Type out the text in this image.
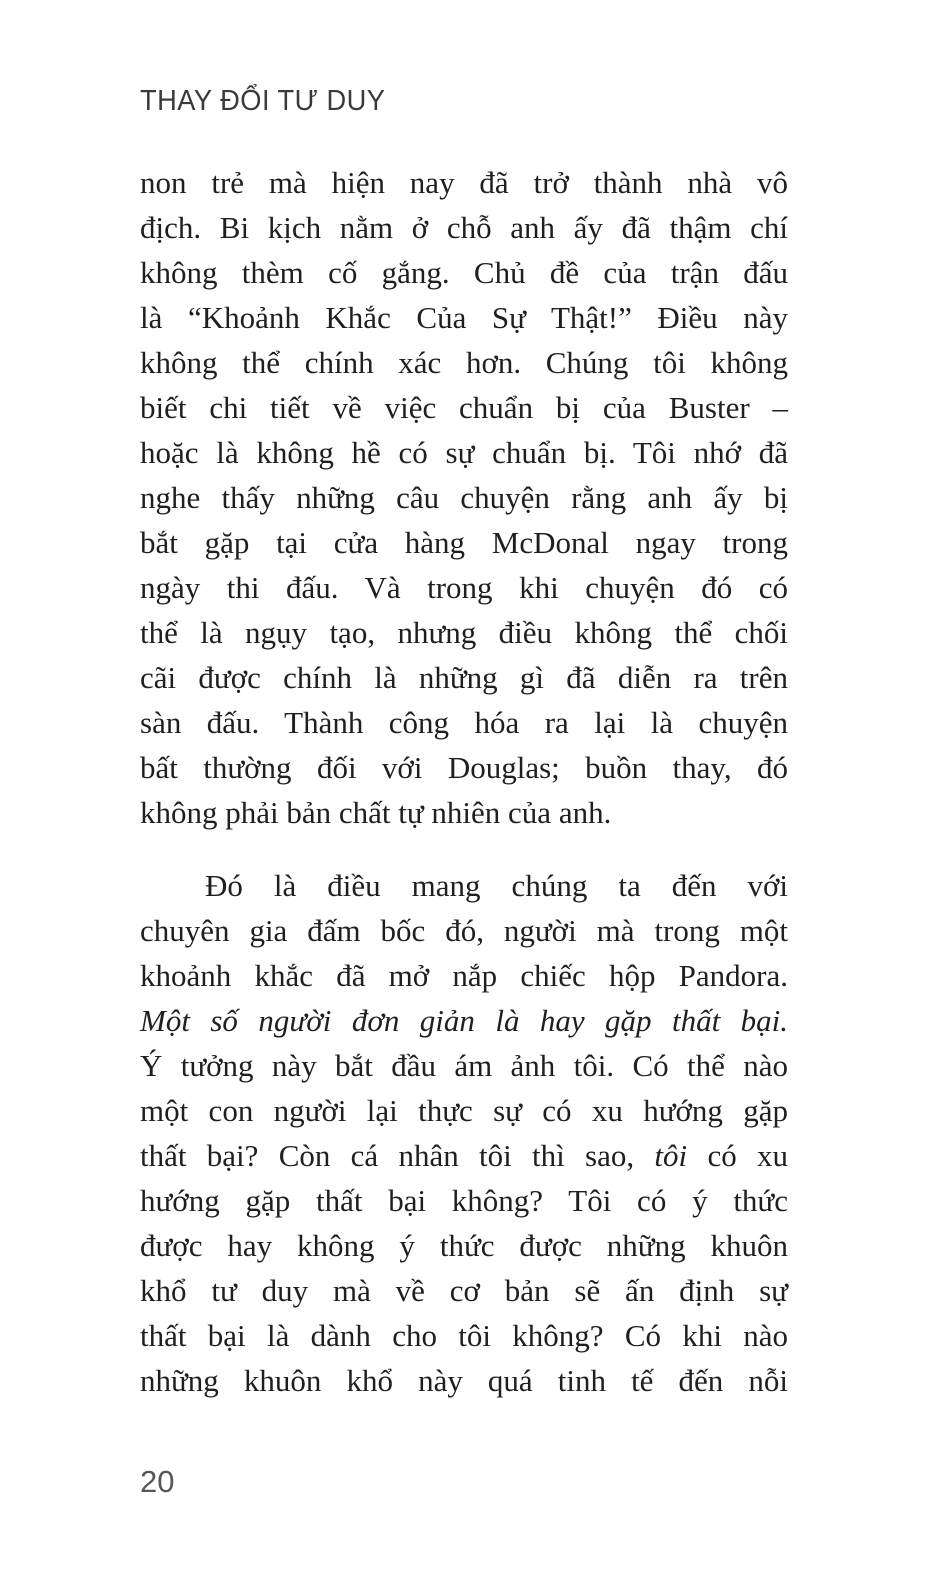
THAY ĐỔI TƯ DUY
non trẻ mà hiện nay đã trở thành nhà vô
địch. Bi kịch nằm ở chỗ anh ấy đã thậm chí
không thèm cố gắng. Chủ đề của trận đấu
là “Khoảnh Khắc Của Sự Thật!” Điều này
không thể chính xác hơn. Chúng tôi không
biết chi tiết về việc chuẩn bị của Buster –
hoặc là không hề có sự chuẩn bị. Tôi nhớ đã
nghe thấy những câu chuyện rằng anh ấy bị
bắt gặp tại cửa hàng McDonal ngay trong
ngày thi đấu. Và trong khi chuyện đó có
thể là ngụy tạo, nhưng điều không thể chối
cãi được chính là những gì đã diễn ra trên
sàn đấu. Thành công hóa ra lại là chuyện
bất thường đối với Douglas; buồn thay, đó
không phải bản chất tự nhiên của anh.
Đó là điều mang chúng ta đến với
chuyên gia đấm bốc đó, người mà trong một
khoảnh khắc đã mở nắp chiếc hộp Pandora.
Một số người đơn giản là hay gặp thất bại.
Ý tưởng này bắt đầu ám ảnh tôi. Có thể nào
một con người lại thực sự có xu hướng gặp
thất bại? Còn cá nhân tôi thì sao, tôi có xu
hướng gặp thất bại không? Tôi có ý thức
được hay không ý thức được những khuôn
khổ tư duy mà về cơ bản sẽ ấn định sự
thất bại là dành cho tôi không? Có khi nào
những khuôn khổ này quá tinh tế đến nỗi
20
